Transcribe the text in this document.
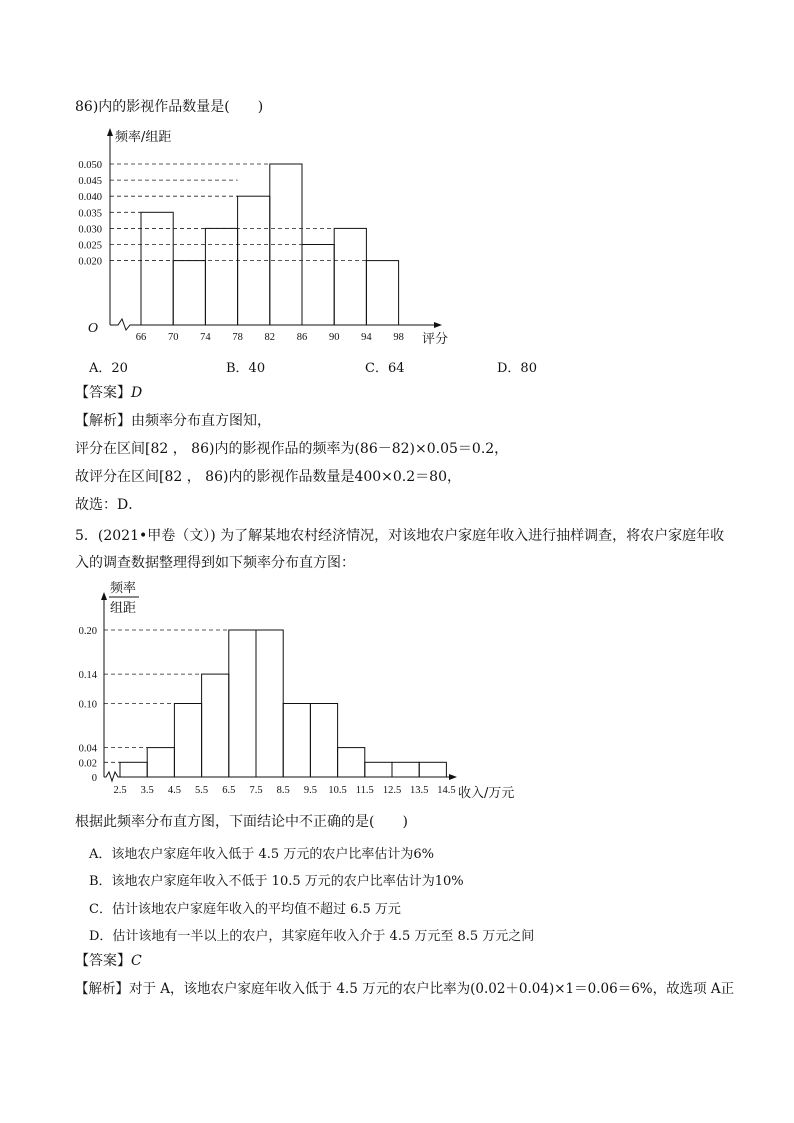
86)内的影视作品数量是(　　)
0.050
0.045
0.040
0.035
0.030
0.025
0.020
66 70 74 78 82 86 90 94 98
O
频率/组距
评分
A．20	B．40	C．64	D．80
【答案】D
【解析】由频率分布直方图知，
评分在区间[82 ， 86)内的影视作品的频率为(86－82)×0.05＝0.2，
故评分在区间[82 ， 86)内的影视作品数量是400×0.2＝80，
故选：D．
5．(2021•甲卷（文）) 为了解某地农村经济情况，对该地农户家庭年收入进行抽样调查，将农户家庭年收
入的调查数据整理得到如下频率分布直方图：
0.20
0.14
0.10
0.04
0.02
0
2.5 3.5 4.5 5.5 6.5 7.5 8.5 9.5 10.5 11.5 12.5 13.5 14.5
频率
组距
收入/万元
根据此频率分布直方图，下面结论中不正确的是(　　)
A．该地农户家庭年收入低于 4.5 万元的农户比率估计为6%
B．该地农户家庭年收入不低于 10.5 万元的农户比率估计为10%
C．估计该地农户家庭年收入的平均值不超过 6.5 万元
D．估计该地有一半以上的农户，其家庭年收入介于 4.5 万元至 8.5 万元之间
【答案】C
【解析】对于 A，该地农户家庭年收入低于 4.5 万元的农户比率为(0.02＋0.04)×1＝0.06＝6%，故选项 A正
